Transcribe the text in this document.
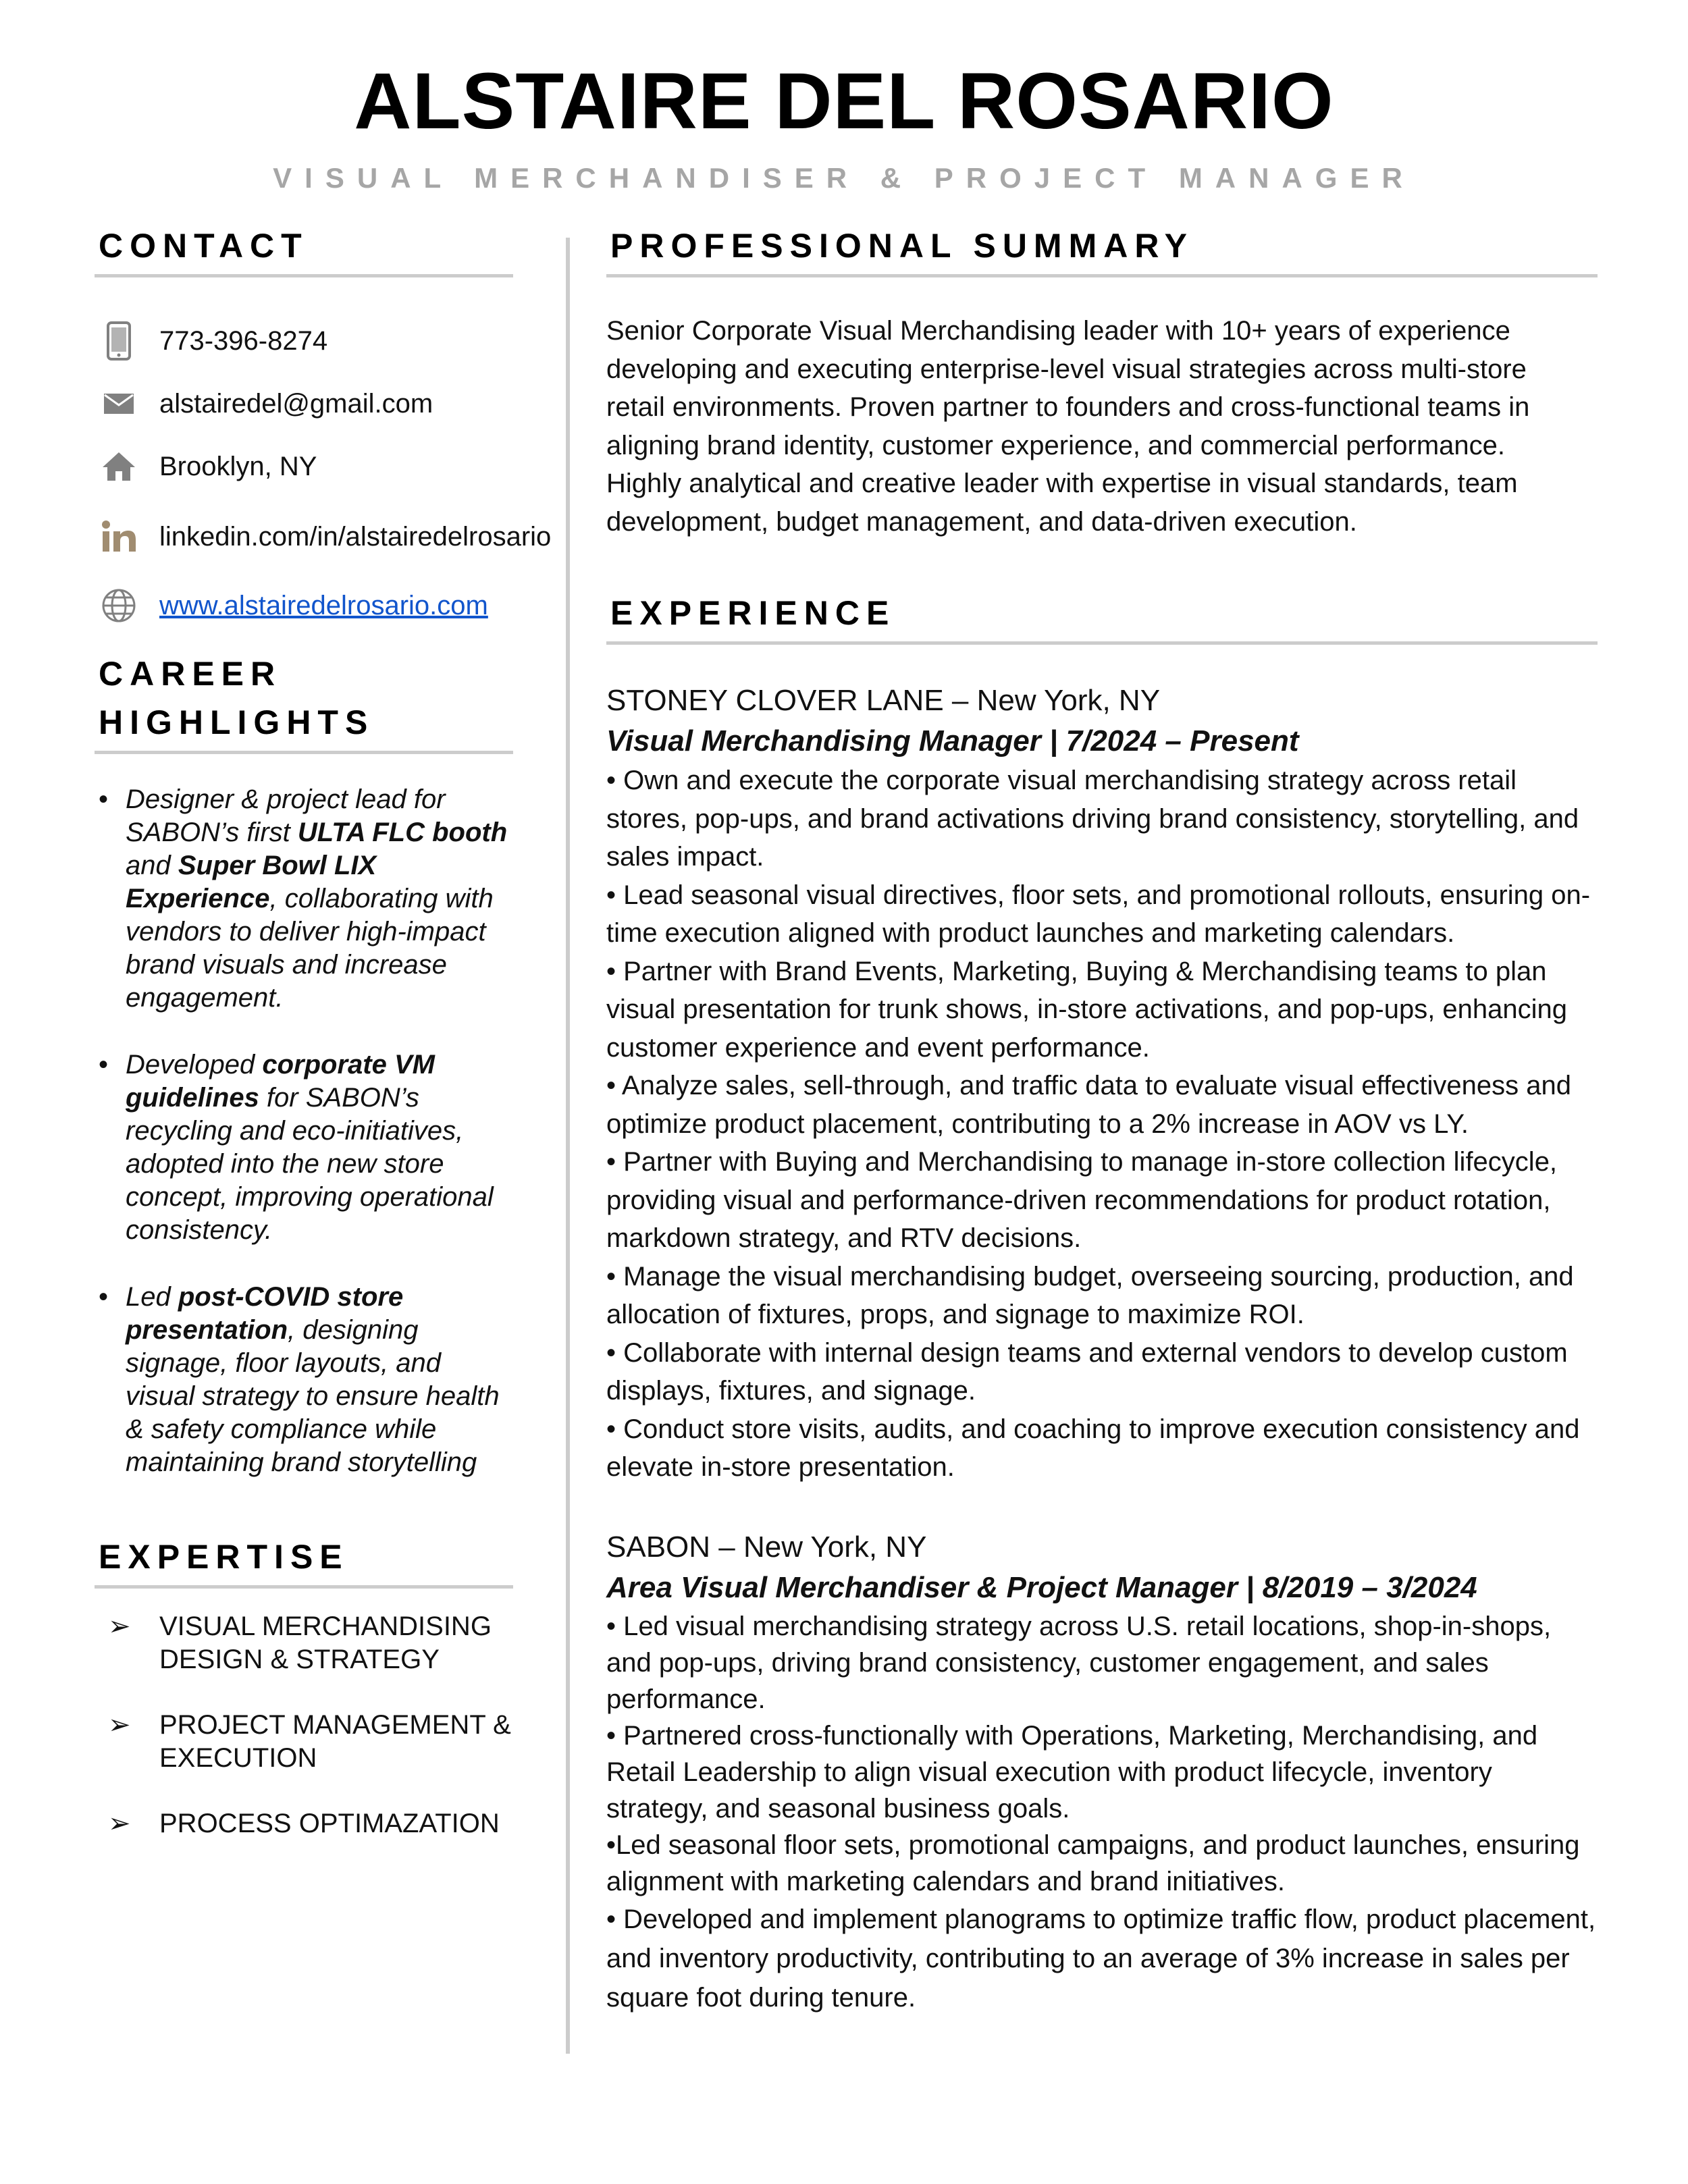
ALSTAIRE DEL ROSARIO
VISUAL MERCHANDISER & PROJECT MANAGER
CONTACT
773-396-8274
alstairedel@gmail.com
Brooklyn, NY
linkedin.com/in/alstairedelrosario
www.alstairedelrosario.com
CAREER
HIGHLIGHTS
• Designer & project lead for SABON’s first ULTA FLC booth and Super Bowl LIX Experience, collaborating with vendors to deliver high-impact brand visuals and increase engagement.
• Developed corporate VM guidelines for SABON’s recycling and eco-initiatives, adopted into the new store concept, improving operational consistency.
• Led post-COVID store presentation, designing signage, floor layouts, and visual strategy to ensure health & safety compliance while maintaining brand storytelling
EXPERTISE
➢ VISUAL MERCHANDISING DESIGN & STRATEGY
➢ PROJECT MANAGEMENT & EXECUTION
➢ PROCESS OPTIMAZATION
PROFESSIONAL SUMMARY
Senior Corporate Visual Merchandising leader with 10+ years of experience developing and executing enterprise-level visual strategies across multi-store retail environments. Proven partner to founders and cross-functional teams in aligning brand identity, customer experience, and commercial performance. Highly analytical and creative leader with expertise in visual standards, team development, budget management, and data-driven execution.
EXPERIENCE
STONEY CLOVER LANE – New York, NY
Visual Merchandising Manager | 7/2024 – Present
• Own and execute the corporate visual merchandising strategy across retail stores, pop-ups, and brand activations driving brand consistency, storytelling, and sales impact.
• Lead seasonal visual directives, floor sets, and promotional rollouts, ensuring on-time execution aligned with product launches and marketing calendars.
• Partner with Brand Events, Marketing, Buying & Merchandising teams to plan visual presentation for trunk shows, in-store activations, and pop-ups, enhancing customer experience and event performance.
• Analyze sales, sell-through, and traffic data to evaluate visual effectiveness and optimize product placement, contributing to a 2% increase in AOV vs LY.
• Partner with Buying and Merchandising to manage in-store collection lifecycle, providing visual and performance-driven recommendations for product rotation, markdown strategy, and RTV decisions.
• Manage the visual merchandising budget, overseeing sourcing, production, and allocation of fixtures, props, and signage to maximize ROI.
• Collaborate with internal design teams and external vendors to develop custom displays, fixtures, and signage.
• Conduct store visits, audits, and coaching to improve execution consistency and elevate in-store presentation.
SABON – New York, NY
Area Visual Merchandiser & Project Manager | 8/2019 – 3/2024
• Led visual merchandising strategy across U.S. retail locations, shop-in-shops, and pop-ups, driving brand consistency, customer engagement, and sales performance.
• Partnered cross-functionally with Operations, Marketing, Merchandising, and Retail Leadership to align visual execution with product lifecycle, inventory strategy, and seasonal business goals.
•Led seasonal floor sets, promotional campaigns, and product launches, ensuring alignment with marketing calendars and brand initiatives.
• Developed and implement planograms to optimize traffic flow, product placement, and inventory productivity, contributing to an average of 3% increase in sales per square foot during tenure.
